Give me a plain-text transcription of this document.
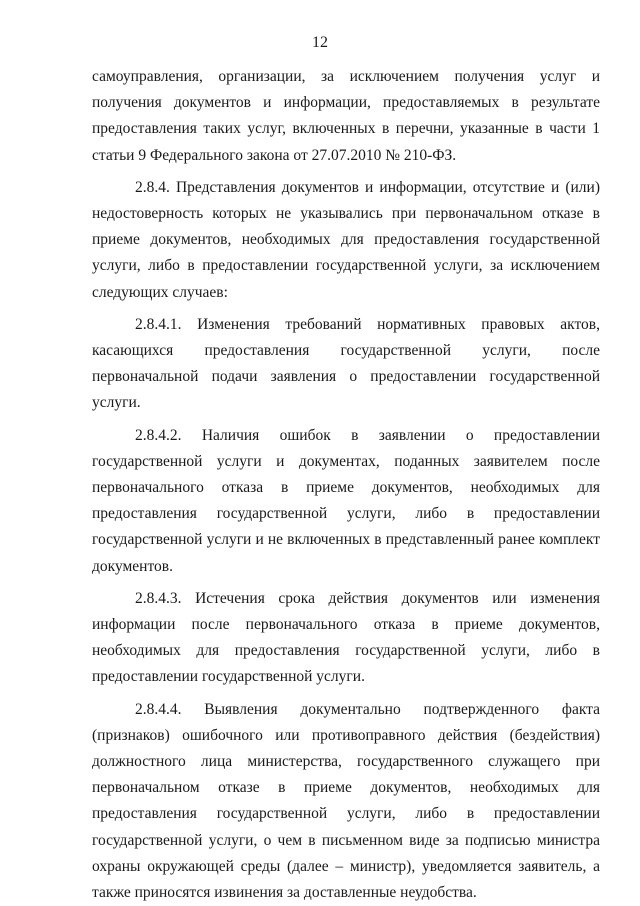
12

самоуправления, организации, за исключением получения услуг и получения документов и информации, предоставляемых в результате предоставления таких услуг, включенных в перечни, указанные в части 1 статьи 9 Федерального закона от 27.07.2010 № 210-ФЗ.

2.8.4. Представления документов и информации, отсутствие и (или) недостоверность которых не указывались при первоначальном отказе в приеме документов, необходимых для предоставления государственной услуги, либо в предоставлении государственной услуги, за исключением следующих случаев:

2.8.4.1. Изменения требований нормативных правовых актов, касающихся предоставления государственной услуги, после первоначальной подачи заявления о предоставлении государственной услуги.

2.8.4.2. Наличия ошибок в заявлении о предоставлении государственной услуги и документах, поданных заявителем после первоначального отказа в приеме документов, необходимых для предоставления государственной услуги, либо в предоставлении государственной услуги и не включенных в представленный ранее комплект документов.

2.8.4.3. Истечения срока действия документов или изменения информации после первоначального отказа в приеме документов, необходимых для предоставления государственной услуги, либо в предоставлении государственной услуги.

2.8.4.4. Выявления документально подтвержденного факта (признаков) ошибочного или противоправного действия (бездействия) должностного лица министерства, государственного служащего при первоначальном отказе в приеме документов, необходимых для предоставления государственной услуги, либо в предоставлении государственной услуги, о чем в письменном виде за подписью министра охраны окружающей среды (далее – министр), уведомляется заявитель, а также приносятся извинения за доставленные неудобства.
